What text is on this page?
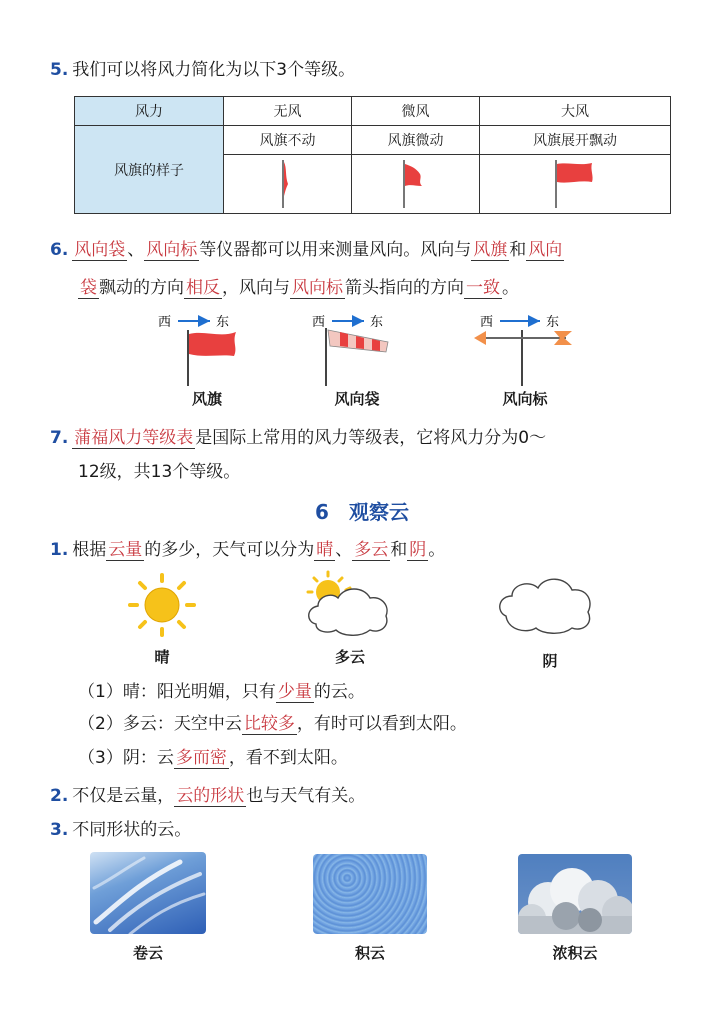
5. 我们可以将风力简化为以下3个等级。
风力	无风	微风	大风
风旗的样子	风旗不动	风旗微动	风旗展开飘动

6. 风向袋 、 风向标 等仪器都可以用来测量风向。风向与 风旗 和 风向
袋 飘动的方向 相反 ，风向与 风向标 箭头指向的方向 一致 。
西	东	西	东	西	东
风旗	风向袋	风向标
7. 蒲福风力等级表 是国际上常用的风力等级表，它将风力分为0～
12级，共13个等级。
6　观察云
1. 根据 云量 的多少，天气可以分为 晴 、 多云 和 阴 。
晴	多云	阴
（1）晴：阳光明媚，只有 少量 的云。
（2）多云：天空中云 比较多 ，有时可以看到太阳。
（3）阴：云 多而密 ，看不到太阳。
2. 不仅是云量， 云的形状 也与天气有关。
3. 不同形状的云。
卷云	积云	浓积云
